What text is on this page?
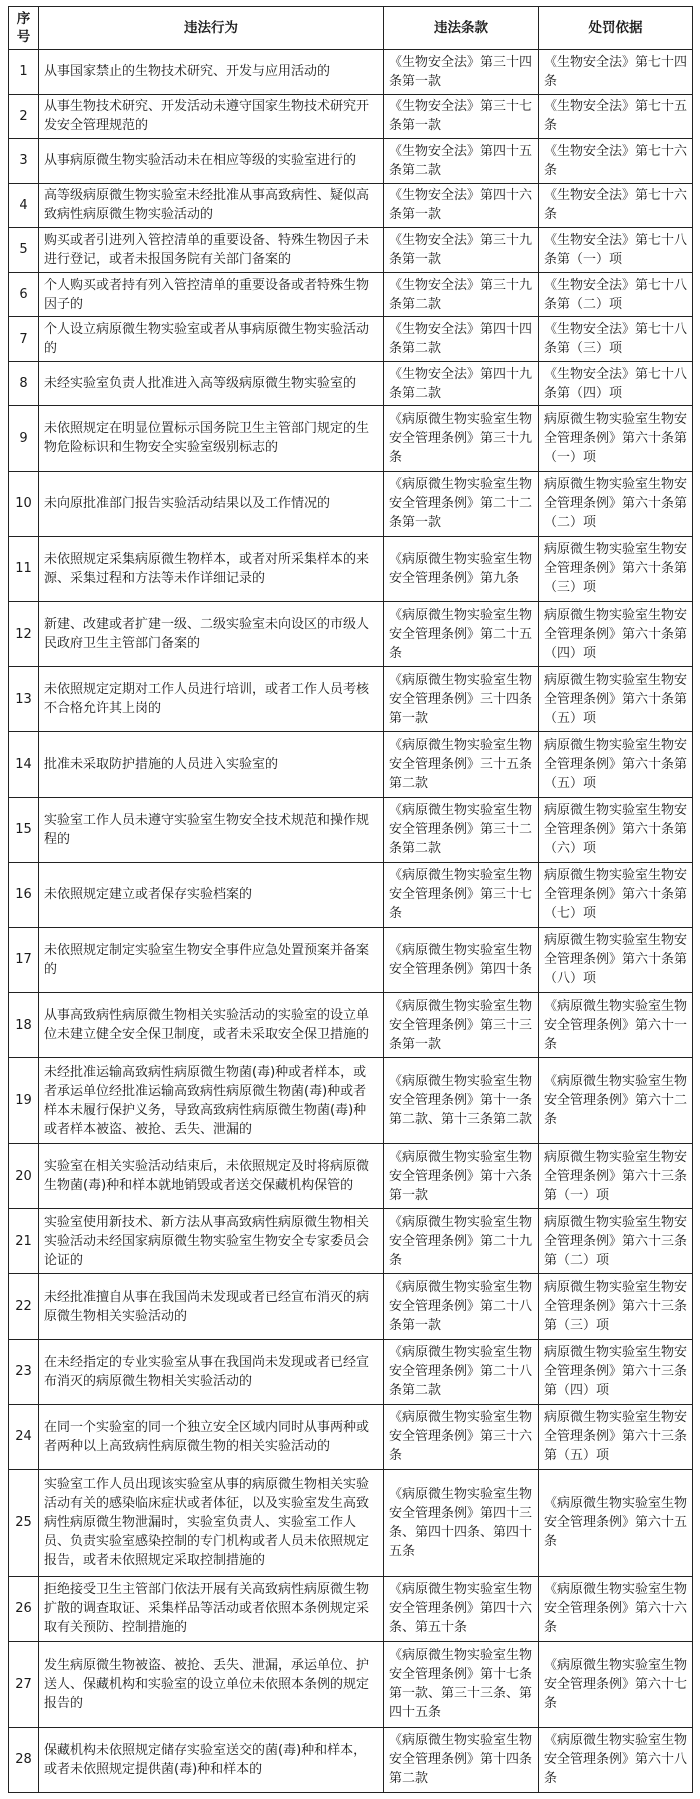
序号	违法行为	违法条款	处罚依据
1	从事国家禁止的生物技术研究、开发与应用活动的	《生物安全法》第三十四条第一款	《生物安全法》第七十四条
2	从事生物技术研究、开发活动未遵守国家生物技术研究开发安全管理规范的	《生物安全法》第三十七条第一款	《生物安全法》第七十五条
3	从事病原微生物实验活动未在相应等级的实验室进行的	《生物安全法》第四十五条第二款	《生物安全法》第七十六条
4	高等级病原微生物实验室未经批准从事高致病性、疑似高致病性病原微生物实验活动的	《生物安全法》第四十六条第一款	《生物安全法》第七十六条
5	购买或者引进列入管控清单的重要设备、特殊生物因子未进行登记，或者未报国务院有关部门备案的	《生物安全法》第三十九条第一款	《生物安全法》第七十八条第（一）项
6	个人购买或者持有列入管控清单的重要设备或者特殊生物因子的	《生物安全法》第三十九条第二款	《生物安全法》第七十八条第（二）项
7	个人设立病原微生物实验室或者从事病原微生物实验活动的	《生物安全法》第四十四条第二款	《生物安全法》第七十八条第（三）项
8	未经实验室负责人批准进入高等级病原微生物实验室的	《生物安全法》第四十九条第二款	《生物安全法》第七十八条第（四）项
9	未依照规定在明显位置标示国务院卫生主管部门规定的生物危险标识和生物安全实验室级别标志的	《病原微生物实验室生物安全管理条例》第三十九条	病原微生物实验室生物安全管理条例》第六十条第（一）项
10	未向原批准部门报告实验活动结果以及工作情况的	《病原微生物实验室生物安全管理条例》第二十二条第一款	病原微生物实验室生物安全管理条例》第六十条第（二）项
11	未依照规定采集病原微生物样本，或者对所采集样本的来源、采集过程和方法等未作详细记录的	《病原微生物实验室生物安全管理条例》第九条	病原微生物实验室生物安全管理条例》第六十条第（三）项
12	新建、改建或者扩建一级、二级实验室未向设区的市级人民政府卫生主管部门备案的	《病原微生物实验室生物安全管理条例》第二十五条	病原微生物实验室生物安全管理条例》第六十条第（四）项
13	未依照规定定期对工作人员进行培训，或者工作人员考核不合格允许其上岗的	《病原微生物实验室生物安全管理条例》三十四条第一款	病原微生物实验室生物安全管理条例》第六十条第（五）项
14	批准未采取防护措施的人员进入实验室的	《病原微生物实验室生物安全管理条例》三十五条第二款	病原微生物实验室生物安全管理条例》第六十条第（五）项
15	实验室工作人员未遵守实验室生物安全技术规范和操作规程的	《病原微生物实验室生物安全管理条例》第三十二条第二款	病原微生物实验室生物安全管理条例》第六十条第（六）项
16	未依照规定建立或者保存实验档案的	《病原微生物实验室生物安全管理条例》第三十七条	病原微生物实验室生物安全管理条例》第六十条第（七）项
17	未依照规定制定实验室生物安全事件应急处置预案并备案的	《病原微生物实验室生物安全管理条例》第四十条	病原微生物实验室生物安全管理条例》第六十条第（八）项
18	从事高致病性病原微生物相关实验活动的实验室的设立单位未建立健全安全保卫制度，或者未采取安全保卫措施的	《病原微生物实验室生物安全管理条例》第三十三条第一款	《病原微生物实验室生物安全管理条例》第六十一条
19	未经批准运输高致病性病原微生物菌(毒)种或者样本，或者承运单位经批准运输高致病性病原微生物菌(毒)种或者样本未履行保护义务，导致高致病性病原微生物菌(毒)种或者样本被盗、被抢、丢失、泄漏的	《病原微生物实验室生物安全管理条例》第十一条第二款、第十三条第二款	《病原微生物实验室生物安全管理条例》第六十二条
20	实验室在相关实验活动结束后，未依照规定及时将病原微生物菌(毒)种和样本就地销毁或者送交保藏机构保管的	《病原微生物实验室生物安全管理条例》第十六条第一款	病原微生物实验室生物安全管理条例》第六十三条第（一）项
21	实验室使用新技术、新方法从事高致病性病原微生物相关实验活动未经国家病原微生物实验室生物安全专家委员会论证的	《病原微生物实验室生物安全管理条例》第二十九条	病原微生物实验室生物安全管理条例》第六十三条第（二）项
22	未经批准擅自从事在我国尚未发现或者已经宣布消灭的病原微生物相关实验活动的	《病原微生物实验室生物安全管理条例》第二十八条第一款	病原微生物实验室生物安全管理条例》第六十三条第（三）项
23	在未经指定的专业实验室从事在我国尚未发现或者已经宣布消灭的病原微生物相关实验活动的	《病原微生物实验室生物安全管理条例》第二十八条第二款	病原微生物实验室生物安全管理条例》第六十三条第（四）项
24	在同一个实验室的同一个独立安全区域内同时从事两种或者两种以上高致病性病原微生物的相关实验活动的	《病原微生物实验室生物安全管理条例》第三十六条	病原微生物实验室生物安全管理条例》第六十三条第（五）项
25	实验室工作人员出现该实验室从事的病原微生物相关实验活动有关的感染临床症状或者体征，以及实验室发生高致病性病原微生物泄漏时，实验室负责人、实验室工作人员、负责实验室感染控制的专门机构或者人员未依照规定报告，或者未依照规定采取控制措施的	《病原微生物实验室生物安全管理条例》第四十三条、第四十四条、第四十五条	《病原微生物实验室生物安全管理条例》第六十五条
26	拒绝接受卫生主管部门依法开展有关高致病性病原微生物扩散的调查取证、采集样品等活动或者依照本条例规定采取有关预防、控制措施的	《病原微生物实验室生物安全管理条例》第四十六条、第五十条	《病原微生物实验室生物安全管理条例》第六十六条
27	发生病原微生物被盗、被抢、丢失、泄漏，承运单位、护送人、保藏机构和实验室的设立单位未依照本条例的规定报告的	《病原微生物实验室生物安全管理条例》第十七条第一款、第三十三条、第四十五条	《病原微生物实验室生物安全管理条例》第六十七条
28	保藏机构未依照规定储存实验室送交的菌(毒)种和样本，或者未依照规定提供菌(毒)种和样本的	《病原微生物实验室生物安全管理条例》第十四条第二款	《病原微生物实验室生物安全管理条例》第六十八条
